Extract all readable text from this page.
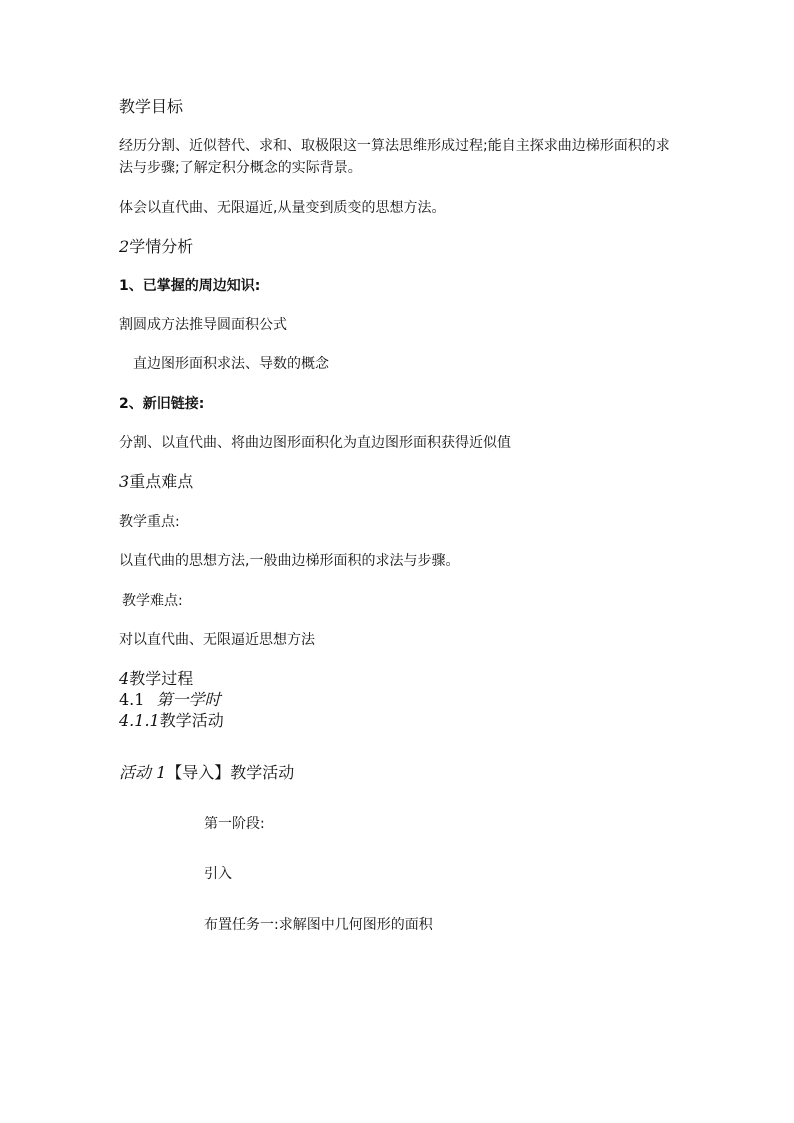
教学目标
经历分割、近似替代、求和、取极限这一算法思维形成过程;能自主探求曲边梯形面积的求
法与步骤;了解定积分概念的实际背景。
体会以直代曲、无限逼近,从量变到质变的思想方法。
2学情分析
1、已掌握的周边知识:
割圆成方法推导圆面积公式
直边图形面积求法、导数的概念
2、新旧链接:
分割、以直代曲、将曲边图形面积化为直边图形面积获得近似值
3重点难点
教学重点:
以直代曲的思想方法,一般曲边梯形面积的求法与步骤。
教学难点:
对以直代曲、无限逼近思想方法
4教学过程
4.1 第一学时
4.1.1教学活动
活动 1【导入】教学活动
第一阶段:
引入
布置任务一:求解图中几何图形的面积
